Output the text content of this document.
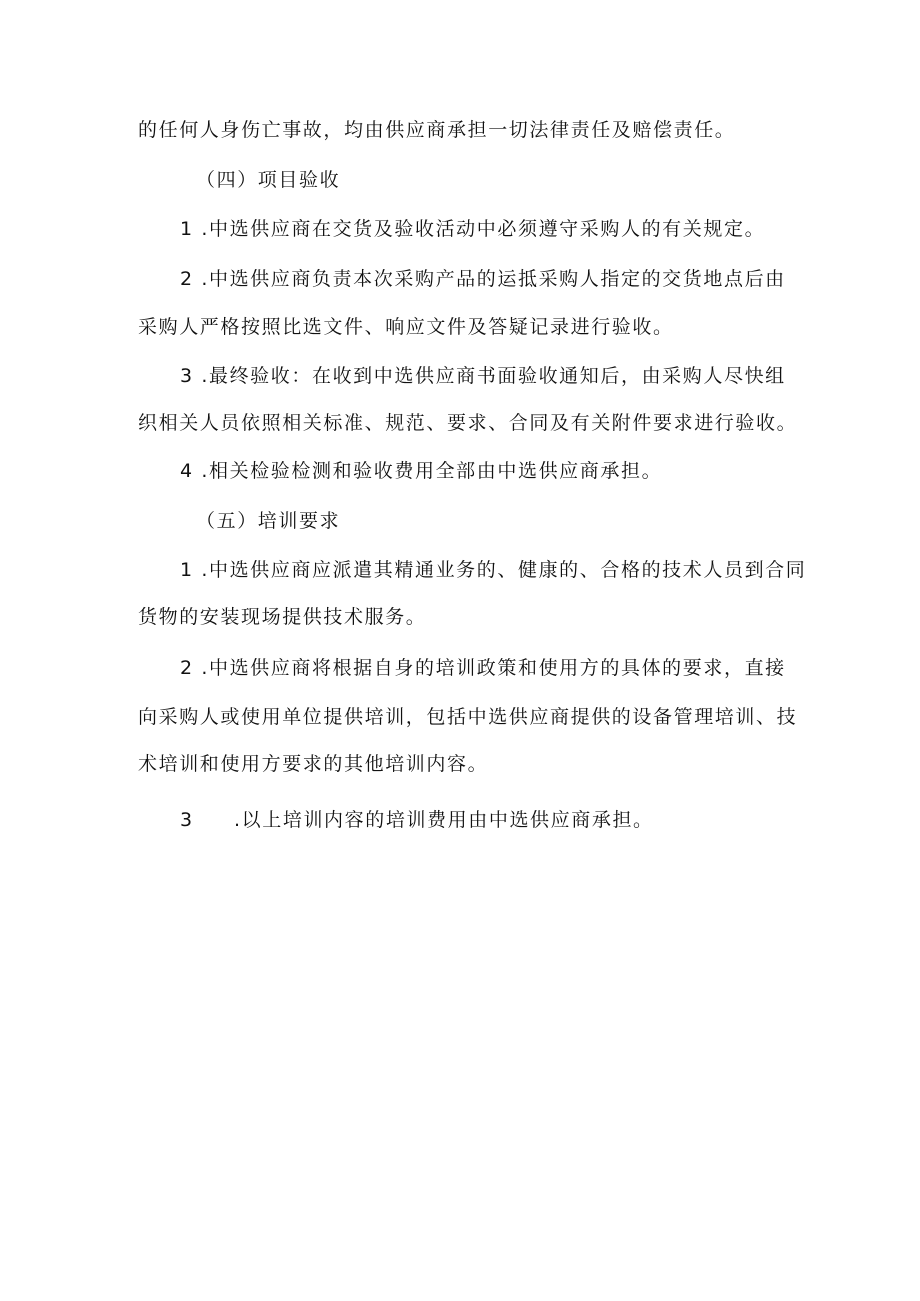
的任何人身伤亡事故，均由供应商承担一切法律责任及赔偿责任。
（四）项目验收
1 .中选供应商在交货及验收活动中必须遵守采购人的有关规定。
2 .中选供应商负责本次采购产品的运抵采购人指定的交货地点后由
采购人严格按照比选文件、响应文件及答疑记录进行验收。
3 .最终验收：在收到中选供应商书面验收通知后，由采购人尽快组
织相关人员依照相关标准、规范、要求、合同及有关附件要求进行验收。
4 .相关检验检测和验收费用全部由中选供应商承担。
（五）培训要求
1 .中选供应商应派遣其精通业务的、健康的、合格的技术人员到合同
货物的安装现场提供技术服务。
2 .中选供应商将根据自身的培训政策和使用方的具体的要求，直接
向采购人或使用单位提供培训，包括中选供应商提供的设备管理培训、技
术培训和使用方要求的其他培训内容。
3 .以上培训内容的培训费用由中选供应商承担。
